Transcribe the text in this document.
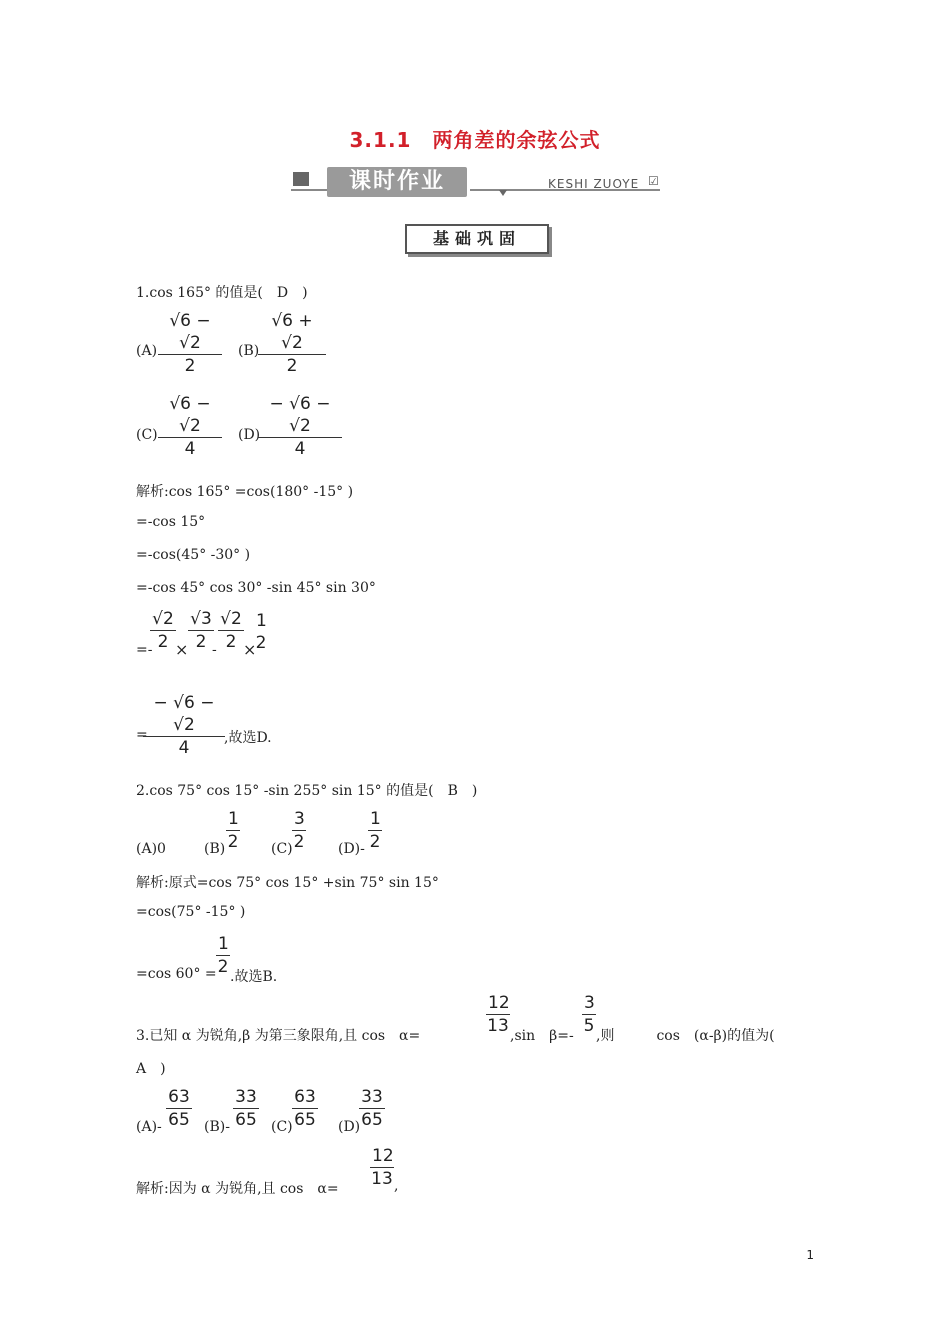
3.1.1　两角差的余弦公式
课时作业	KESHI ZUOYE ☑
基础巩固
1.cos 165° 的值是(　D　)
$(A) \frac{√6 - √2}{2} (B)$
$\frac{√6 + √2}{2}$
$(C) \frac{√6 - √2}{4} (D)$
$\frac{- √6 - √2}{4}$
解析:cos 165° =cos(180° -15° )
=-cos 15°
=-cos(45° -30° )
=-cos 45° cos 30° -sin 45° sin 30°
=-
$\frac{√2}{2} \times \frac{√3}{2}$
- $\frac{√2}{2}$ ×
1
2
=
$\frac{- √6 - √2}{4}$ ,故选D.
2.cos 75° cos 15° -sin 255° sin 15° 的值是(　B　)
(A)0	$(B) \frac{1}{2} (C) \frac{3}{2} (D)- \frac{1}{2}$
解析:原式=cos 75° cos 15° +sin 75° sin 15°
=cos(75° -15° )
=cos $60^\circ = \frac{1}{2}$ .故选B.
3.已知 α 为锐角,β 为第三象限角,且 cos　α=	$\frac{12}{13} ,\sin$　$\beta=- \frac{3}{5}$ ,则　　　cos　(α-β)的值为(
A　)
$(A)- \frac{63}{65} (B)- \frac{33}{65} (C) \frac{63}{65} (D)$
$\frac{33}{65}$
解析:因为 α 为锐角,且 cos　$\alpha= \frac{12}{13}$ ,
1
